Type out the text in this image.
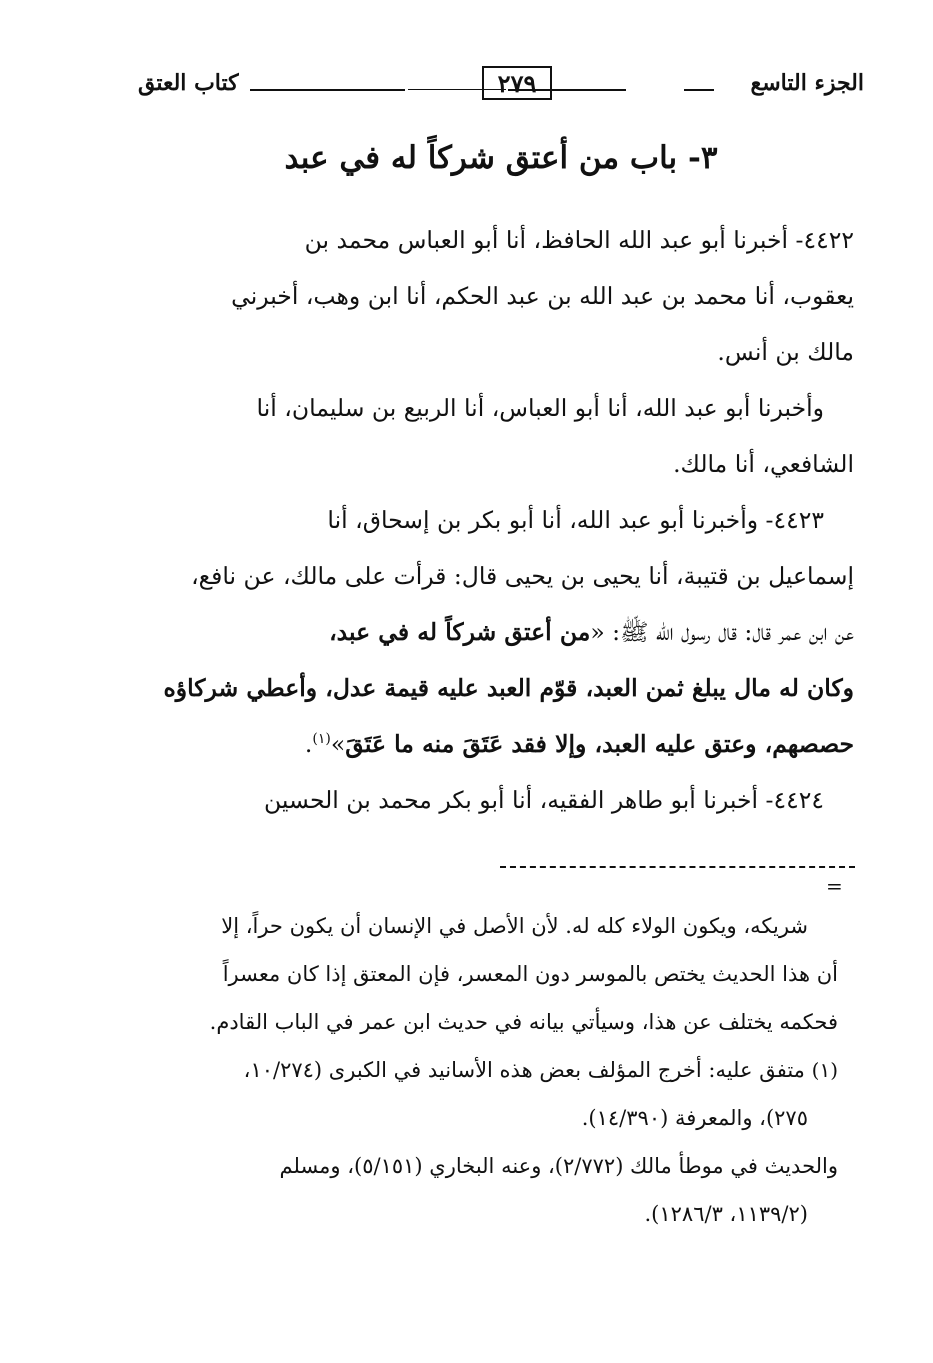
الجزء التاسع
٢٧٩
كتاب العتق
٣- باب من أعتق شركاً له في عبد

٤٤٢٢- أخبرنا أبو عبد الله الحافظ، أنا أبو العباس محمد بن
يعقوب، أنا محمد بن عبد الله بن عبد الحكم، أنا ابن وهب، أخبرني
مالك بن أنس.

وأخبرنا أبو عبد الله، أنا أبو العباس، أنا الربيع بن سليمان، أنا
الشافعي، أنا مالك.

٤٤٢٣- وأخبرنا أبو عبد الله، أنا أبو بكر بن إسحاق، أنا
إسماعيل بن قتيبة، أنا يحيى بن يحيى قال: قرأت على مالك، عن نافع،
عن ابن عمر قال: قال رسول الله ﷺ: «من أعتق شركاً له في عبد،
وكان له مال يبلغ ثمن العبد، قوّم العبد عليه قيمة عدل، وأعطي شركاؤه
حصصهم، وعتق عليه العبد، وإلا فقد عَتَقَ منه ما عَتَقَ»$^{(١)}$.

٤٤٢٤- أخبرنا أبو طاهر الفقيه، أنا أبو بكر محمد بن الحسين

=
شريكه، ويكون الولاء كله له. لأن الأصل في الإنسان أن يكون حراً، إلا
أن هذا الحديث يختص بالموسر دون المعسر، فإن المعتق إذا كان معسراً
فحكمه يختلف عن هذا، وسيأتي بيانه في حديث ابن عمر في الباب القادم.
(١) متفق عليه: أخرج المؤلف بعض هذه الأسانيد في الكبرى (١٠/٢٧٤،
٢٧٥)، والمعرفة (١٤/٣٩٠).
والحديث في موطأ مالك (٢/٧٧٢)، وعنه البخاري (٥/١٥١)، ومسلم
(١١٣٩/٢، ١٢٨٦/٣).
